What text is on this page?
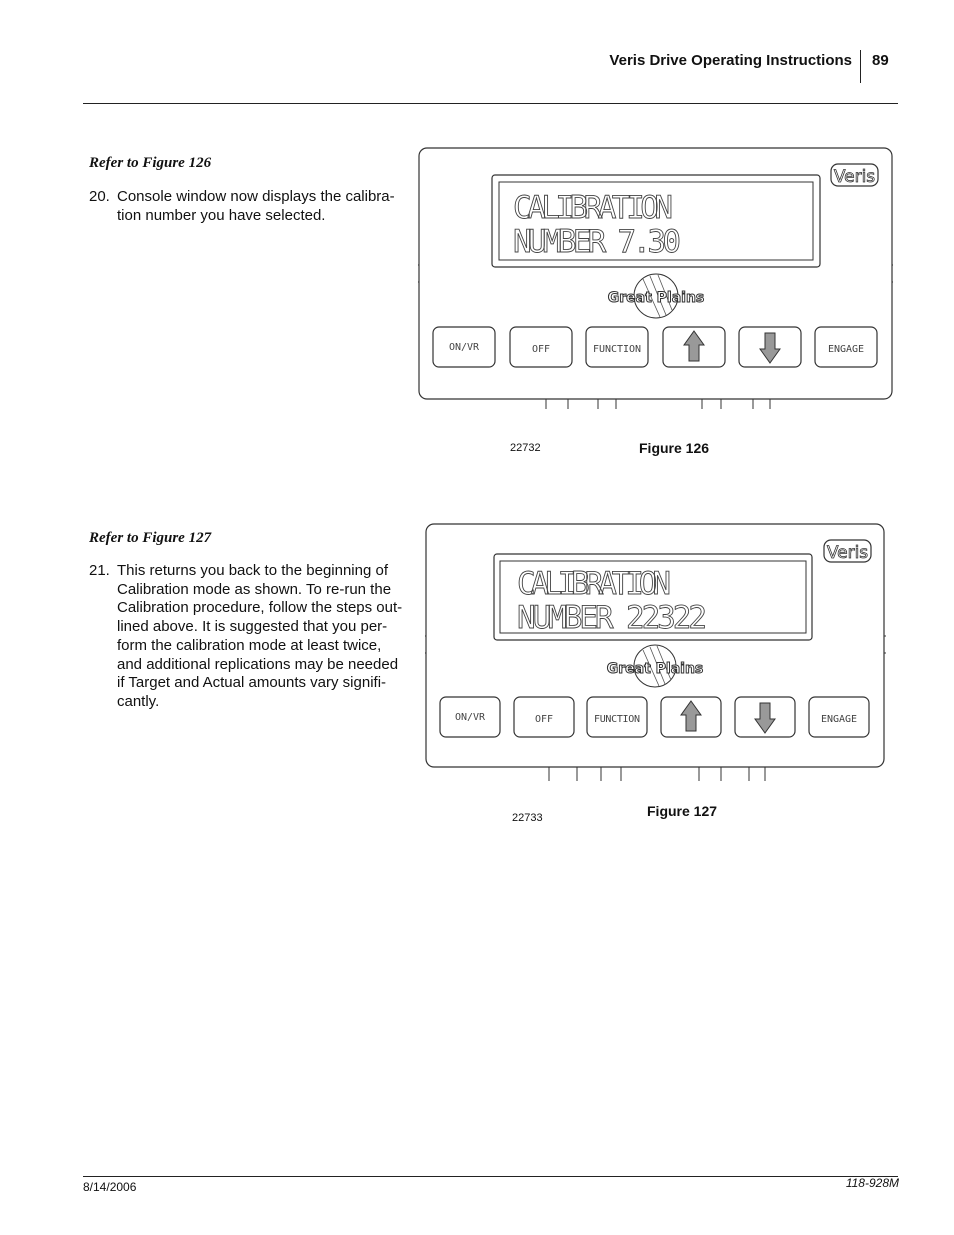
Veris Drive Operating Instructions 89
Refer to Figure 126
20. Console window now displays the calibra-
tion number you have selected.	CALIBRATION
NUMBER 7.30
Veris
Great Plains
ON/VR	OFF	FUNCTION	ENGAGE
22732	Figure 126
Refer to Figure 127
21. This returns you back to the beginning of
Calibration mode as shown. To re-run the
Calibration procedure, follow the steps out-
lined above. It is suggested that you per-
form the calibration mode at least twice,
and additional replications may be needed
if Target and Actual amounts vary signifi-
cantly.
CALIBRATION
NUMBER 22322
Veris
Great Plains
ON/VR	OFF	FUNCTION	ENGAGE
22733	Figure 127
8/14/2006	118-928M
